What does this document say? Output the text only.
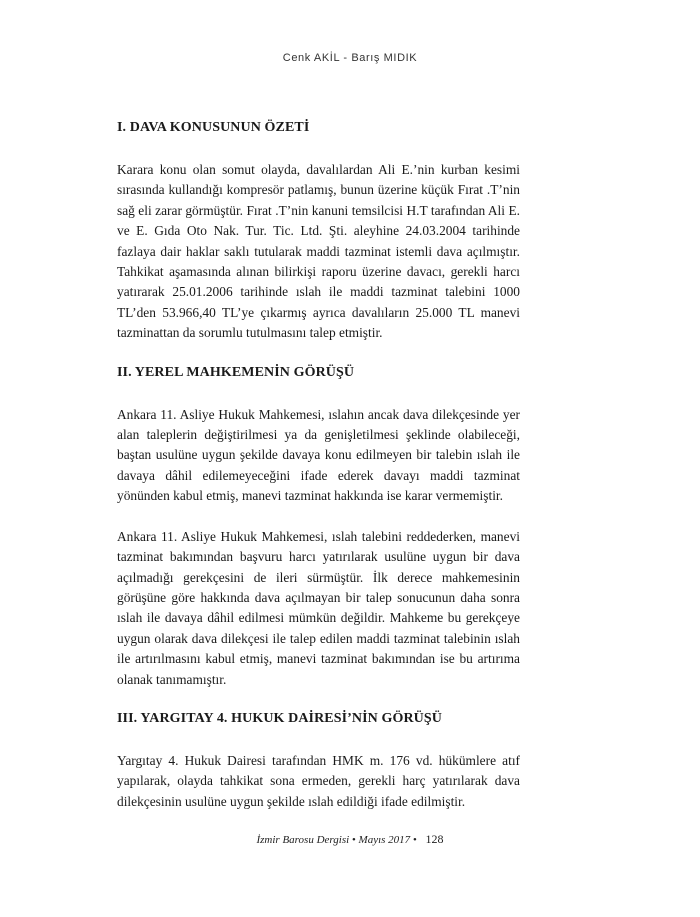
Cenk AKİL - Barış MIDIK
I. DAVA KONUSUNUN ÖZETİ

Karara konu olan somut olayda, davalılardan Ali E.’nin kurban kesimi sırasında kullandığı kompresör patlamış, bunun üzerine küçük Fırat .T’nin sağ eli zarar görmüştür. Fırat .T’nin kanuni temsilcisi H.T tarafından Ali E. ve E. Gıda Oto Nak. Tur. Tic. Ltd. Şti. aleyhine 24.03.2004 tarihinde fazlaya dair haklar saklı tutularak maddi tazminat istemli dava açılmıştır. Tahkikat aşamasında alınan bilirkişi raporu üzerine davacı, gerekli harcı yatırarak 25.01.2006 tarihinde ıslah ile maddi tazminat talebini 1000 TL’den 53.966,40 TL’ye çıkarmış ayrıca davalıların 25.000 TL manevi tazminattan da sorumlu tutulmasını talep etmiştir.

II. YEREL MAHKEMENİN GÖRÜŞÜ

Ankara 11. Asliye Hukuk Mahkemesi, ıslahın ancak dava dilekçesinde yer alan taleplerin değiştirilmesi ya da genişletilmesi şeklinde olabileceği, baştan usulüne uygun şekilde davaya konu edilmeyen bir talebin ıslah ile davaya dâhil edilemeyeceğini ifade ederek davayı maddi tazminat yönünden kabul etmiş, manevi tazminat hakkında ise karar vermemiştir.

Ankara 11. Asliye Hukuk Mahkemesi, ıslah talebini reddederken, manevi tazminat bakımından başvuru harcı yatırılarak usulüne uygun bir dava açılmadığı gerekçesini de ileri sürmüştür. İlk derece mahkemesinin görüşüne göre hakkında dava açılmayan bir talep sonucunun daha sonra ıslah ile davaya dâhil edilmesi mümkün değildir. Mahkeme bu gerekçeye uygun olarak dava dilekçesi ile talep edilen maddi tazminat talebinin ıslah ile artırılmasını kabul etmiş, manevi tazminat bakımından ise bu artırıma olanak tanımamıştır.

III. YARGITAY 4. HUKUK DAİRESİ’NİN GÖRÜŞÜ

Yargıtay 4. Hukuk Dairesi tarafından HMK m. 176 vd. hükümlere atıf yapılarak, olayda tahkikat sona ermeden, gerekli harç yatırılarak dava dilekçesinin usulüne uygun şekilde ıslah edildiği ifade edilmiştir.

İzmir Barosu Dergisi • Mayıs 2017 • 128
